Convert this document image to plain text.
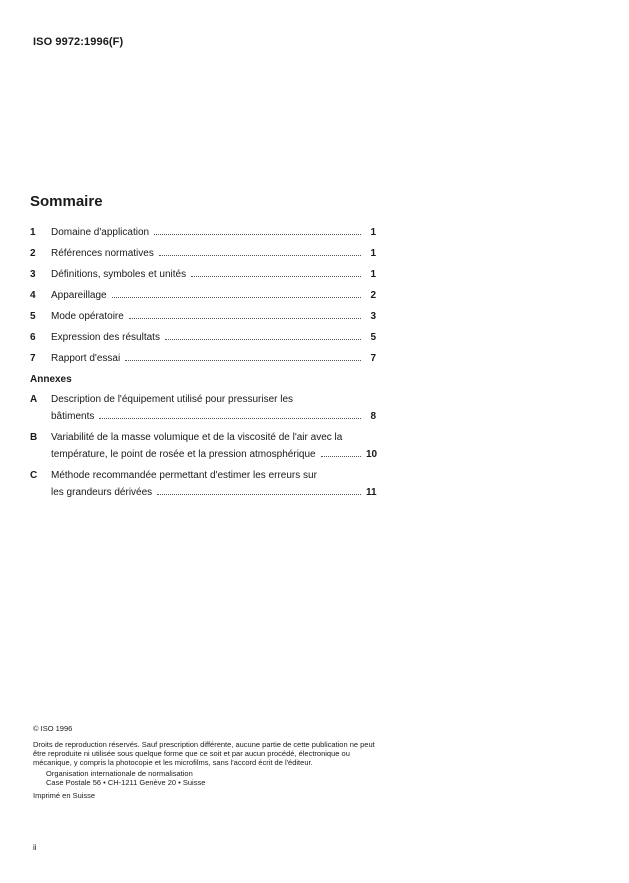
ISO 9972:1996(F)
Sommaire
1	Domaine d'application	1
2	Références normatives	1
3	Définitions, symboles et unités	1
4	Appareillage	2
5	Mode opératoire	3
6	Expression des résultats	5
7	Rapport d'essai	7
Annexes
A	Description de l'équipement utilisé pour pressuriser les
bâtiments	8
B	Variabilité de la masse volumique et de la viscosité de l'air avec la
température, le point de rosée et la pression atmosphérique	10
C	Méthode recommandée permettant d'estimer les erreurs sur
les grandeurs dérivées	11
© ISO 1996
Droits de reproduction réservés. Sauf prescription différente, aucune partie de cette publication ne peut être reproduite ni utilisée sous quelque forme que ce soit et par aucun procédé, électronique ou mécanique, y compris la photocopie et les microfilms, sans l'accord écrit de l'éditeur.
Organisation internationale de normalisation
Case Postale 56 • CH-1211 Genève 20 • Suisse
Imprimé en Suisse
ii
